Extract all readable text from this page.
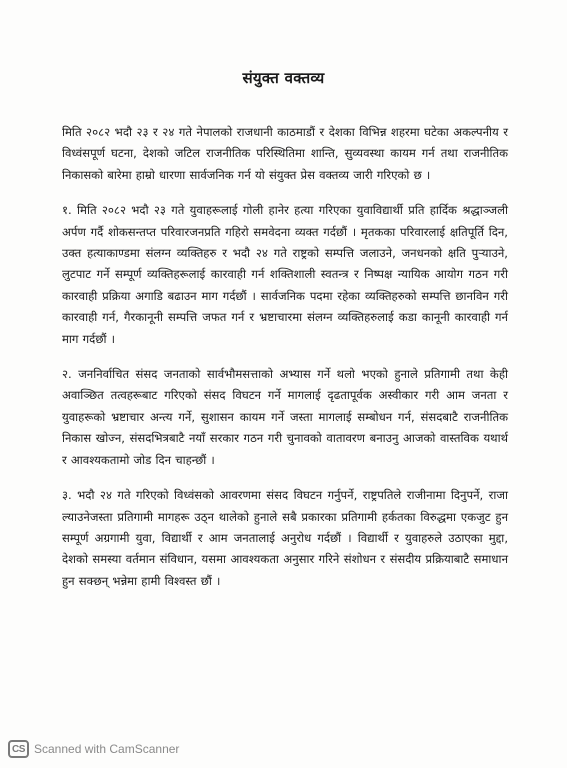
संयुक्त वक्तव्य

मिति २०८२ भदौ २३ र २४ गते नेपालको राजधानी काठमाडौं र देशका विभिन्न शहरमा घटेका अकल्पनीय र विध्वंसपूर्ण घटना, देशको जटिल राजनीतिक परिस्थितिमा शान्ति, सुव्यवस्था कायम गर्न तथा राजनीतिक निकासको बारेमा हाम्रो धारणा सार्वजनिक गर्न यो संयुक्त प्रेस वक्तव्य जारी गरिएको छ ।

१. मिति २०८२ भदौ २३ गते युवाहरूलाई गोली हानेर हत्या गरिएका युवाविद्यार्थी प्रति हार्दिक श्रद्धाञ्जली अर्पण गर्दै शोकसन्तप्त परिवारजनप्रति गहिरो समवेदना व्यक्त गर्दछौं । मृतकका परिवारलाई क्षतिपूर्ति दिन, उक्त हत्याकाण्डमा संलग्न व्यक्तिहरु र भदौ २४ गते राष्ट्रको सम्पत्ति जलाउने, जनधनको क्षति पुऱ्याउने, लुटपाट गर्ने सम्पूर्ण व्यक्तिहरूलाई कारवाही गर्न शक्तिशाली स्वतन्त्र र निष्पक्ष न्यायिक आयोग गठन गरी कारवाही प्रक्रिया अगाडि बढाउन माग गर्दछौं । सार्वजनिक पदमा रहेका व्यक्तिहरुको सम्पत्ति छानविन गरी कारवाही गर्न, गैरकानूनी सम्पत्ति जफत गर्न र भ्रष्टाचारमा संलग्न व्यक्तिहरुलाई कडा कानूनी कारवाही गर्न माग गर्दछौं ।

२. जननिर्वाचित संसद जनताको सार्वभौमसत्ताको अभ्यास गर्ने थलो भएको हुनाले प्रतिगामी तथा केही अवाञ्छित तत्वहरूबाट गरिएको संसद विघटन गर्ने मागलाई दृढतापूर्वक अस्वीकार गरी आम जनता र युवाहरूको भ्रष्टाचार अन्त्य गर्ने, सुशासन कायम गर्ने जस्ता मागलाई सम्बोधन गर्न, संसदबाटै राजनीतिक निकास खोज्न, संसदभित्रबाटै नयाँ सरकार गठन गरी चुनावको वातावरण बनाउनु आजको वास्तविक यथार्थ र आवश्यकतामो जोड दिन चाहन्छौं ।

३. भदौ २४ गते गरिएको विध्वंसको आवरणमा संसद विघटन गर्नुपर्ने, राष्ट्रपतिले राजीनामा दिनुपर्ने, राजा ल्याउनेजस्ता प्रतिगामी मागहरू उठ्न थालेको हुनाले सबै प्रकारका प्रतिगामी हर्कतका विरुद्धमा एकजुट हुन सम्पूर्ण अग्रगामी युवा, विद्यार्थी र आम जनतालाई अनुरोध गर्दछौं । विद्यार्थी र युवाहरुले उठाएका मुद्दा, देशको समस्या वर्तमान संविधान, यसमा आवश्यकता अनुसार गरिने संशोधन र संसदीय प्रक्रियाबाटै समाधान हुन सक्छन् भन्नेमा हामी विश्वस्त छौं ।

CS Scanned with CamScanner
